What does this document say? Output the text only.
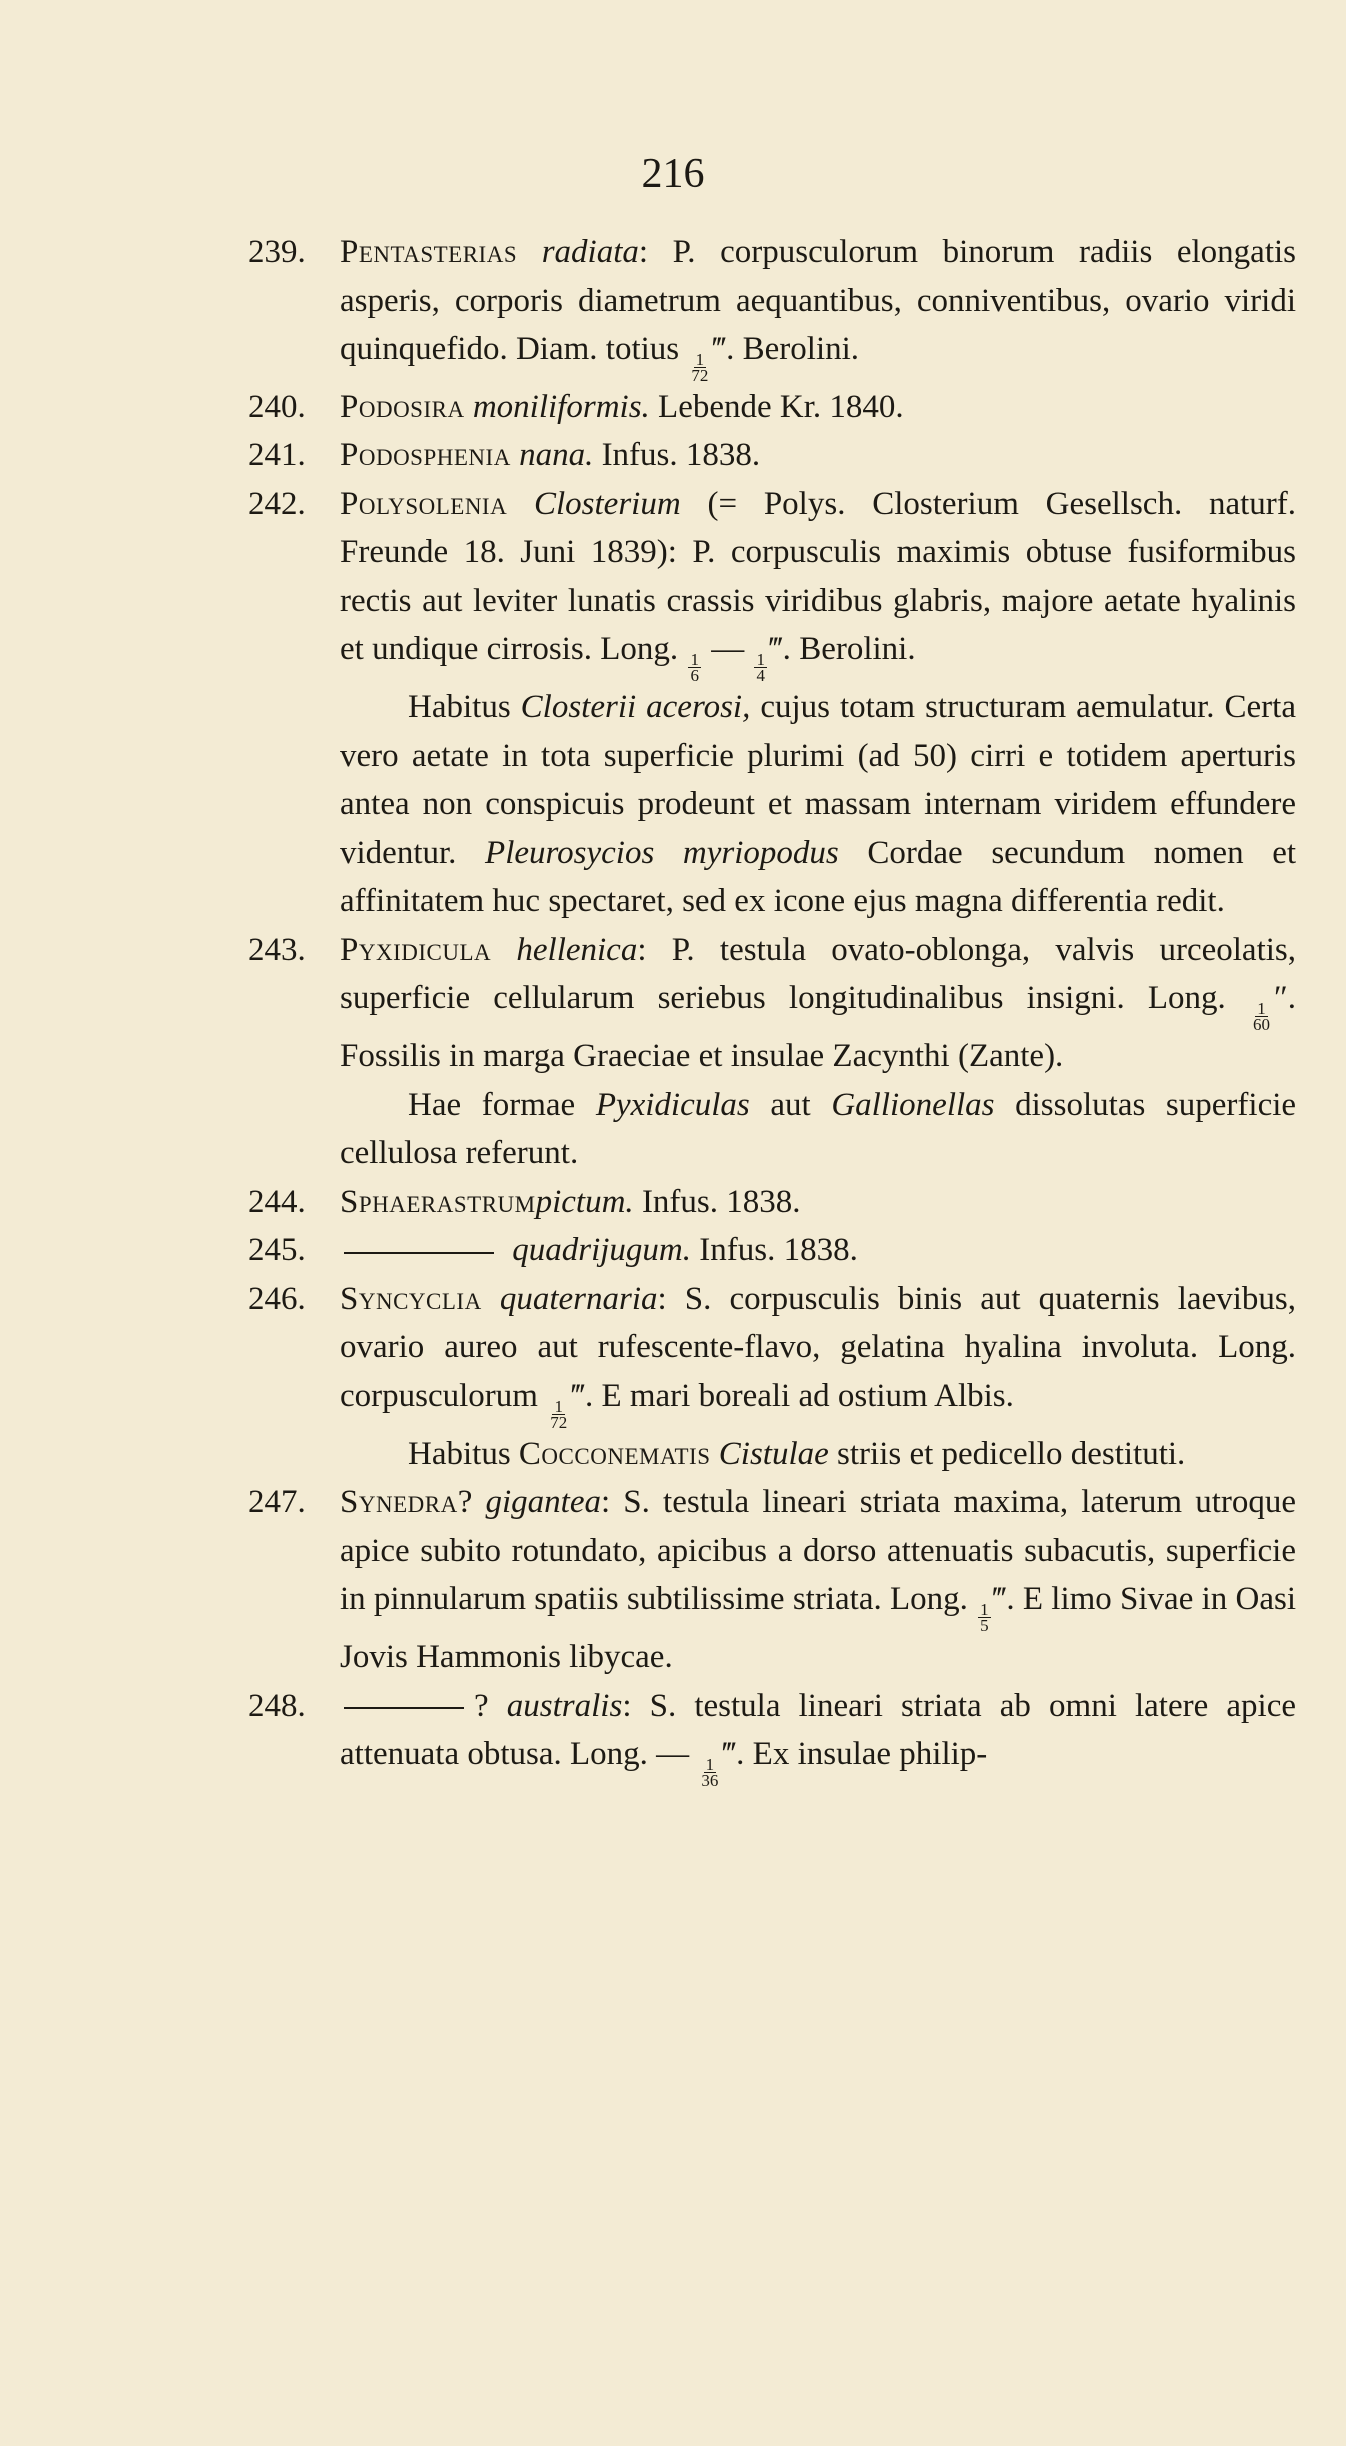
216
239.	Pentasterias radiata: P. corpusculorum binorum radiis elongatis asperis, corporis diametrum aequantibus, conniventibus, ovario viridi quinquefido. Diam. totius
$\frac{1}{72}$
‴. Berolini.

240.	Podosira moniliformis. Lebende Kr. 1840.

241.	Podosphenia nana. Infus. 1838.

242.	Polysolenia Closterium (= Polys. Closterium Gesellsch. naturf. Freunde 18. Juni 1839): P. corpusculis maximis obtuse fusiformibus rectis aut leviter lunatis crassis viridibus glabris, majore aetate hyalinis et undique cirrosis. Long.
$\frac{1}{6}$
—
$\frac{1}{4}$
‴. Berolini.

Habitus Closterii acerosi, cujus totam structuram aemulatur. Certa vero aetate in tota superficie plurimi (ad 50) cirri e totidem aperturis antea non conspicuis prodeunt et massam internam viridem effundere videntur. Pleurosycios myriopodus Cordae secundum nomen et affinitatem huc spectaret, sed ex icone ejus magna differentia redit.

243.	Pyxidicula hellenica: P. testula ovato-oblonga, valvis urceolatis, superficie cellularum seriebus longitudinalibus insigni. Long.
$\frac{1}{60}$
″. Fossilis in marga Graeciae et insulae Zacynthi (Zante).

Hae formae Pyxidiculas aut Gallionellas dissolutas superficie cellulosa referunt.

244.	Sphaerastrumpictum. Infus. 1838.

245.	quadrijugum. Infus. 1838.

246.	Syncyclia quaternaria: S. corpusculis binis aut quaternis laevibus, ovario aureo aut rufescente-flavo, gelatina hyalina involuta. Long. corpusculorum
$\frac{1}{72}$
‴. E mari boreali ad ostium Albis.

Habitus Cocconematis Cistulae striis et pedicello destituti.

247.	Synedra? gigantea: S. testula lineari striata maxima, laterum utroque apice subito rotundato, apicibus a dorso attenuatis subacutis, superficie in pinnularum spatiis subtilissime striata. Long.
$\frac{1}{5}$
‴. E limo Sivae in Oasi Jovis Hammonis libycae.

248.	? australis: S. testula lineari striata ab omni latere apice attenuata obtusa. Long. —
$\frac{1}{36}$
‴. Ex insulae philip-
